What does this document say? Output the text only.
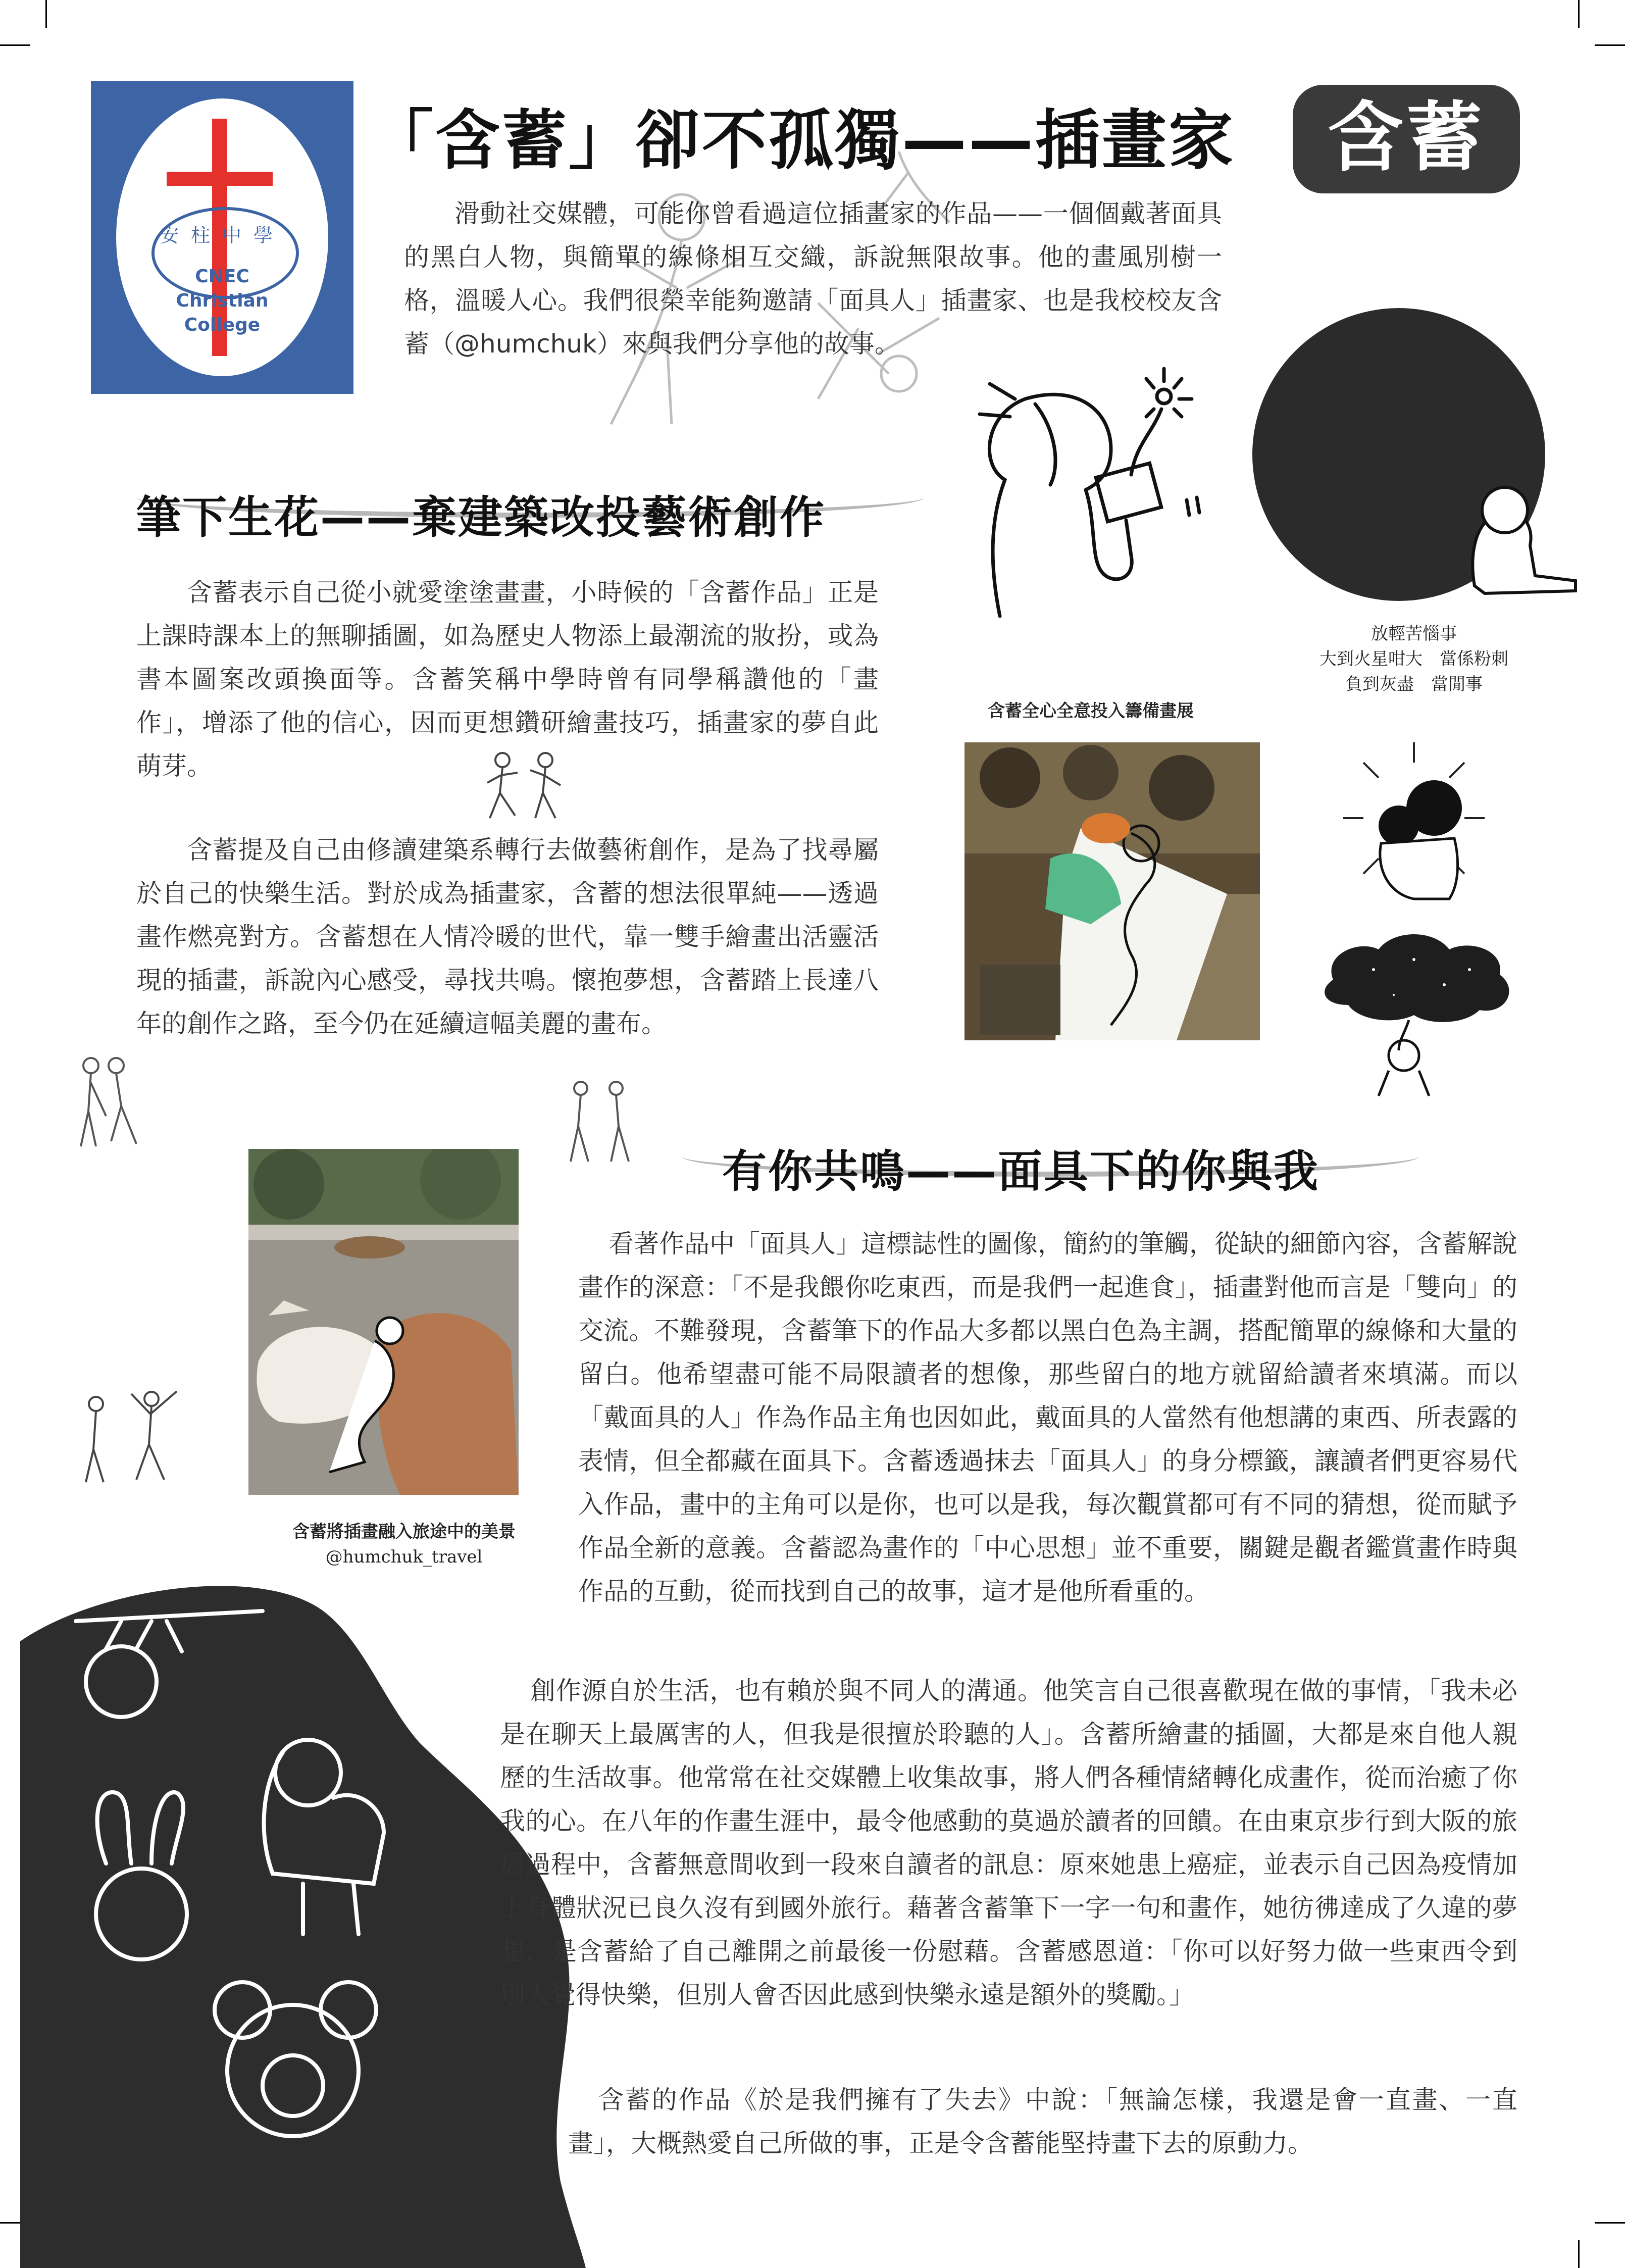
安柱中學
CNEC
Christian
College
「含蓄」卻不孤獨——插畫家	含蓄
滑動社交媒體，可能你曾看過這位插畫家的作品——一個個戴著面具的黑白人物，與簡單的線條相互交織，訴說無限故事。他的畫風別樹一格，溫暖人心。我們很榮幸能夠邀請「面具人」插畫家、也是我校校友含蓄（@humchuk）來與我們分享他的故事。
筆下生花——棄建築改投藝術創作
含蓄表示自己從小就愛塗塗畫畫，小時候的「含蓄作品」正是上課時課本上的無聊插圖，如為歷史人物添上最潮流的妝扮，或為書本圖案改頭換面等。含蓄笑稱中學時曾有同學稱讚他的「畫作」，增添了他的信心，因而更想鑽研繪畫技巧，插畫家的夢自此萌芽。
含蓄提及自己由修讀建築系轉行去做藝術創作，是為了找尋屬於自己的快樂生活。對於成為插畫家，含蓄的想法很單純——透過畫作燃亮對方。含蓄想在人情冷暖的世代，靠一雙手繪畫出活靈活現的插畫，訴說內心感受，尋找共鳴。懷抱夢想，含蓄踏上長達八年的創作之路，至今仍在延續這幅美麗的畫布。
放輕苦惱事
大到火星咁大　當係粉刺
負到灰盡　當閒事
含蓄全心全意投入籌備畫展
有你共鳴——面具下的你與我
含蓄將插畫融入旅途中的美景
@humchuk_travel
看著作品中「面具人」這標誌性的圖像，簡約的筆觸，從缺的細節內容，含蓄解說畫作的深意：「不是我餵你吃東西，而是我們一起進食」，插畫對他而言是「雙向」的交流。不難發現，含蓄筆下的作品大多都以黑白色為主調，搭配簡單的線條和大量的留白。他希望盡可能不局限讀者的想像，那些留白的地方就留給讀者來填滿。而以「戴面具的人」作為作品主角也因如此，戴面具的人當然有他想講的東西、所表露的表情，但全都藏在面具下。含蓄透過抹去「面具人」的身分標籤，讓讀者們更容易代入作品，畫中的主角可以是你，也可以是我，每次觀賞都可有不同的猜想，從而賦予作品全新的意義。含蓄認為畫作的「中心思想」並不重要，關鍵是觀者鑑賞畫作時與作品的互動，從而找到自己的故事，這才是他所看重的。
創作源自於生活，也有賴於與不同人的溝通。他笑言自己很喜歡現在做的事情，「我未必是在聊天上最厲害的人，但我是很擅於聆聽的人」。含蓄所繪畫的插圖，大都是來自他人親歷的生活故事。他常常在社交媒體上收集故事，將人們各種情緒轉化成畫作，從而治癒了你我的心。在八年的作畫生涯中，最令他感動的莫過於讀者的回饋。在由東京步行到大阪的旅居過程中，含蓄無意間收到一段來自讀者的訊息：原來她患上癌症，並表示自己因為疫情加上身體狀況已良久沒有到國外旅行。藉著含蓄筆下一字一句和畫作，她彷彿達成了久違的夢想，是含蓄給了自己離開之前最後一份慰藉。含蓄感恩道：「你可以好努力做一些東西令到別人覺得快樂，但別人會否因此感到快樂永遠是額外的獎勵。」
含蓄的作品《於是我們擁有了失去》中說：「無論怎樣，我還是會一直畫、一直畫」，大概熱愛自己所做的事，正是令含蓄能堅持畫下去的原動力。
